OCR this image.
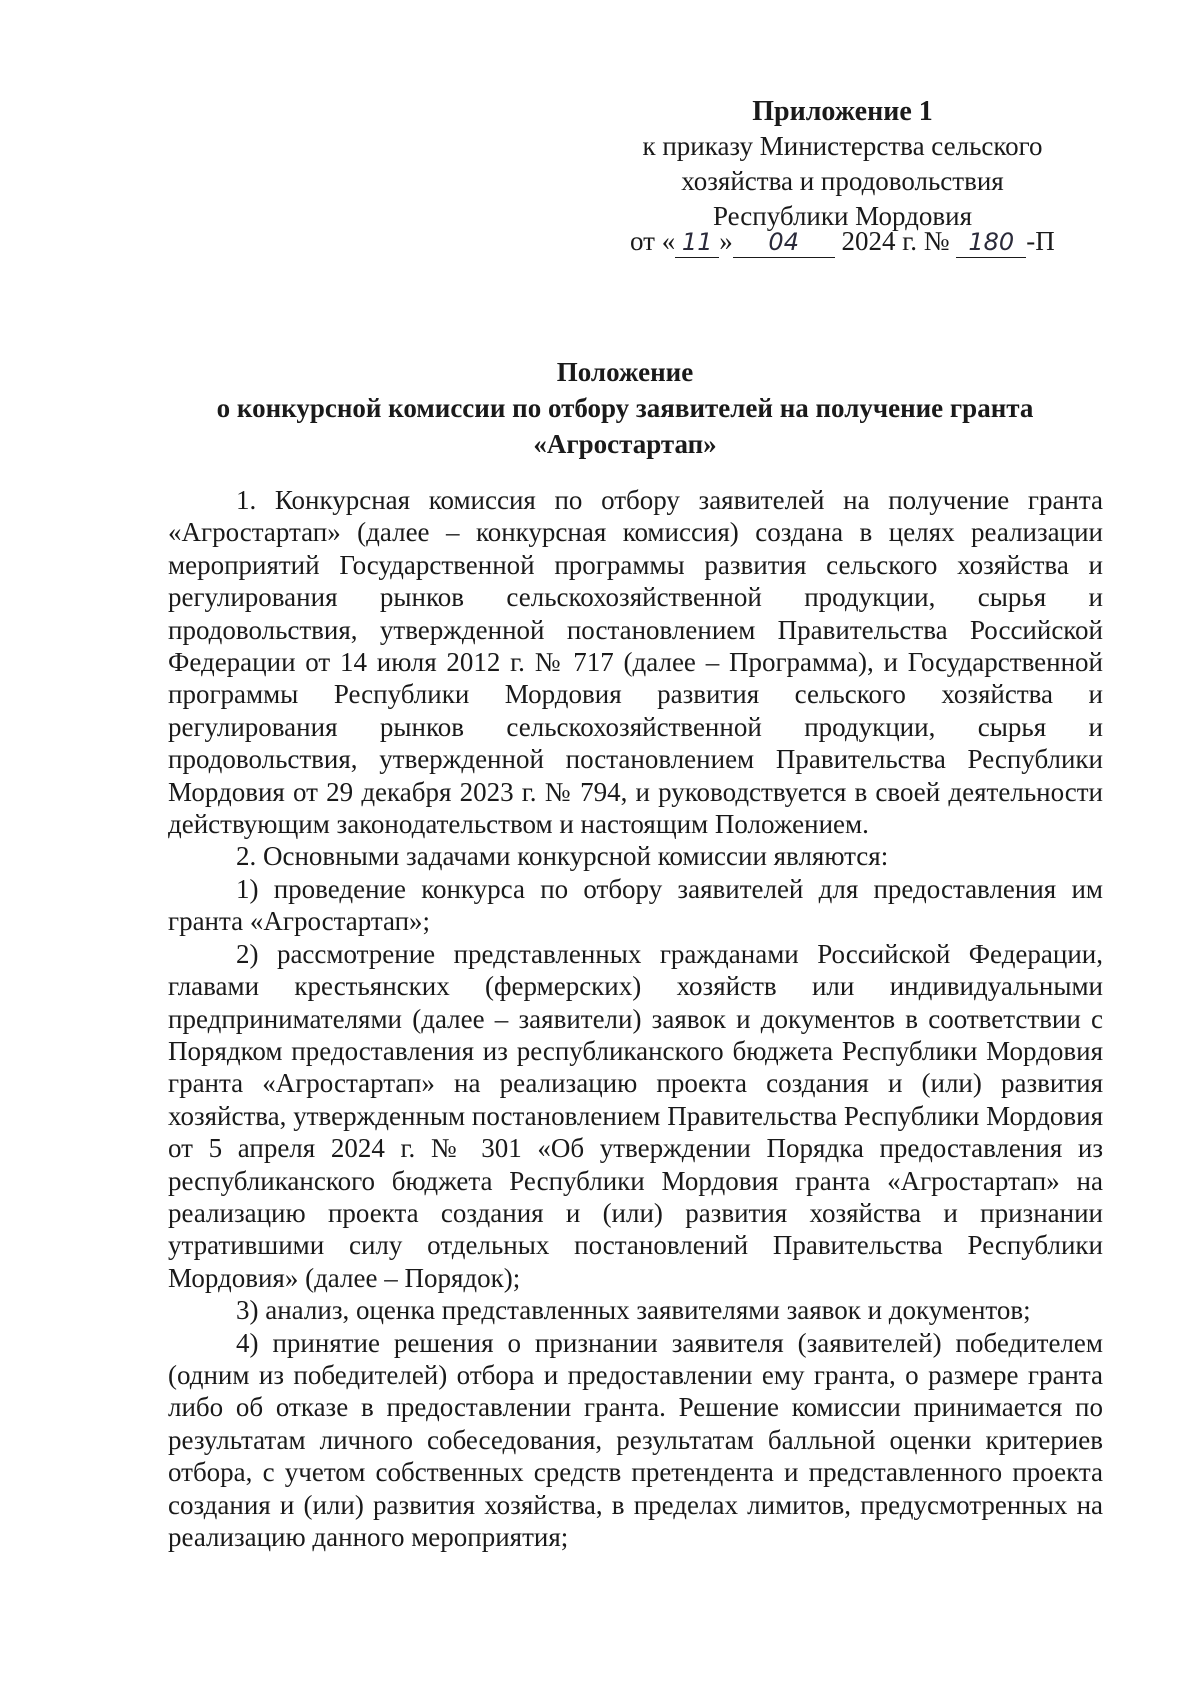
Приложение 1
к приказу Министерства сельского
хозяйства и продовольствия
Республики Мордовия
от « 11 » 04 2024 г. № 180 -П
Положение
о конкурсной комиссии по отбору заявителей на получение гранта
«Агростартап»

1. Конкурсная комиссия по отбору заявителей на получение гранта «Агростартап» (далее – конкурсная комиссия) создана в целях реализации мероприятий Государственной программы развития сельского хозяйства и регулирования рынков сельскохозяйственной продукции, сырья и продовольствия, утвержденной постановлением Правительства Российской Федерации от 14 июля 2012 г. № 717 (далее – Программа), и Государственной программы Республики Мордовия развития сельского хозяйства и регулирования рынков сельскохозяйственной продукции, сырья и продовольствия, утвержденной постановлением Правительства Республики Мордовия от 29 декабря 2023 г. № 794, и руководствуется в своей деятельности действующим законодательством и настоящим Положением.

2. Основными задачами конкурсной комиссии являются:

1) проведение конкурса по отбору заявителей для предоставления им гранта «Агростартап»;

2) рассмотрение представленных гражданами Российской Федерации, главами крестьянских (фермерских) хозяйств или индивидуальными предпринимателями (далее – заявители) заявок и документов в соответствии с Порядком предоставления из республиканского бюджета Республики Мордовия гранта «Агростартап» на реализацию проекта создания и (или) развития хозяйства, утвержденным постановлением Правительства Республики Мордовия от 5 апреля 2024 г. № 301 «Об утверждении Порядка предоставления из республиканского бюджета Республики Мордовия гранта «Агростартап» на реализацию проекта создания и (или) развития хозяйства и признании утратившими силу отдельных постановлений Правительства Республики Мордовия» (далее – Порядок);

3) анализ, оценка представленных заявителями заявок и документов;

4) принятие решения о признании заявителя (заявителей) победителем (одним из победителей) отбора и предоставлении ему гранта, о размере гранта либо об отказе в предоставлении гранта. Решение комиссии принимается по результатам личного собеседования, результатам балльной оценки критериев отбора, с учетом собственных средств претендента и представленного проекта создания и (или) развития хозяйства, в пределах лимитов, предусмотренных на реализацию данного мероприятия;
